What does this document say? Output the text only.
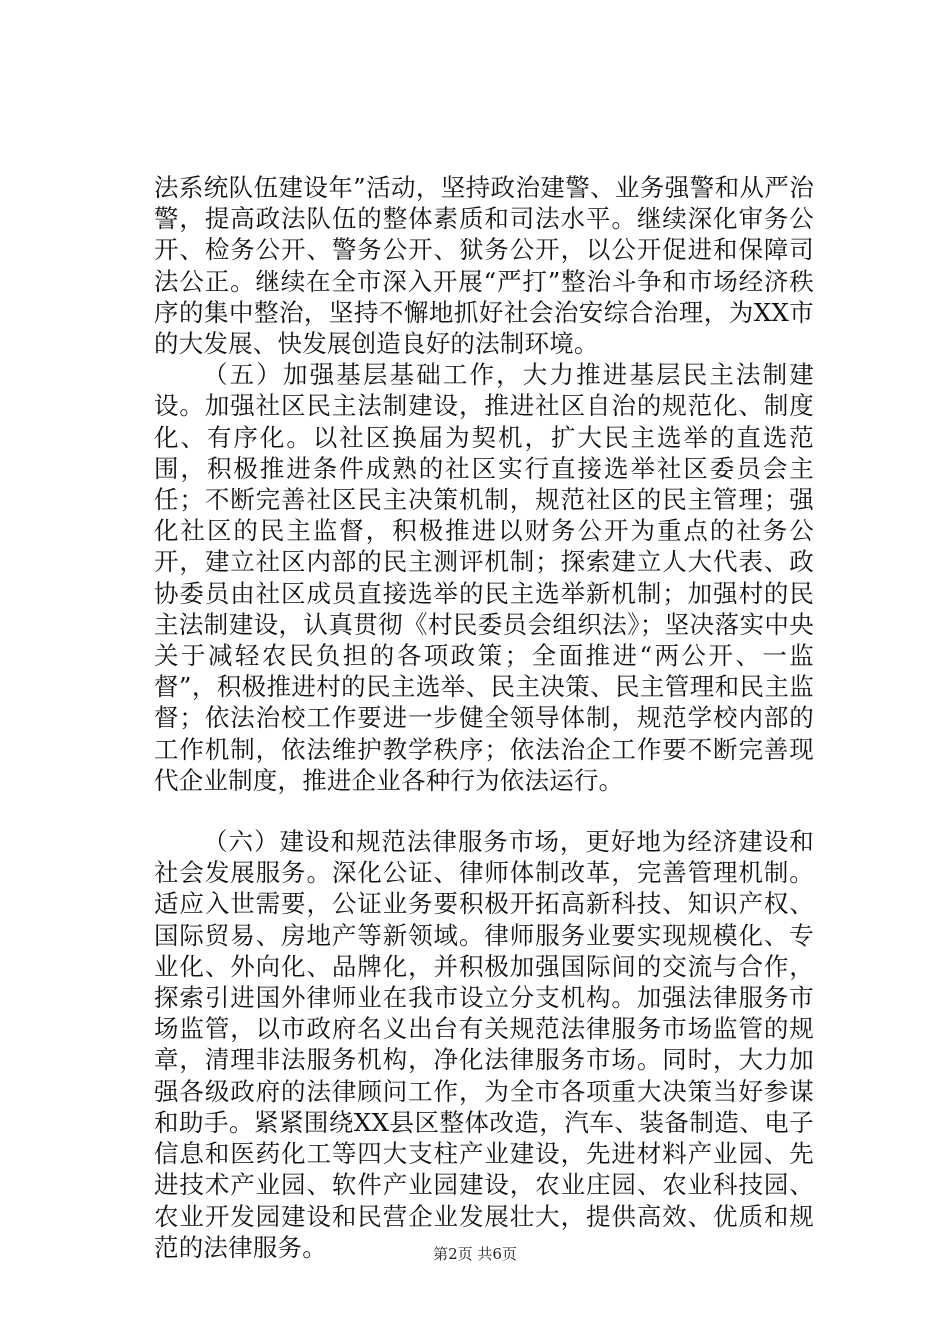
法系统队伍建设年”活动，坚持政治建警、业务强警和从严治警，提高政法队伍的整体素质和司法水平。继续深化审务公开、检务公开、警务公开、狱务公开，以公开促进和保障司法公正。继续在全市深入开展“严打”整治斗争和市场经济秩序的集中整治，坚持不懈地抓好社会治安综合治理，为XX市的大发展、快发展创造良好的法制环境。

（五）加强基层基础工作，大力推进基层民主法制建设。加强社区民主法制建设，推进社区自治的规范化、制度化、有序化。以社区换届为契机，扩大民主选举的直选范围，积极推进条件成熟的社区实行直接选举社区委员会主任；不断完善社区民主决策机制，规范社区的民主管理；强化社区的民主监督，积极推进以财务公开为重点的社务公开，建立社区内部的民主测评机制；探索建立人大代表、政协委员由社区成员直接选举的民主选举新机制；加强村的民主法制建设，认真贯彻《村民委员会组织法》；坚决落实中央关于减轻农民负担的各项政策；全面推进“两公开、一监督”，积极推进村的民主选举、民主决策、民主管理和民主监督；依法治校工作要进一步健全领导体制，规范学校内部的工作机制，依法维护教学秩序；依法治企工作要不断完善现代企业制度，推进企业各种行为依法运行。

（六）建设和规范法律服务市场，更好地为经济建设和社会发展服务。深化公证、律师体制改革，完善管理机制。适应入世需要，公证业务要积极开拓高新科技、知识产权、国际贸易、房地产等新领域。律师服务业要实现规模化、专业化、外向化、品牌化，并积极加强国际间的交流与合作，探索引进国外律师业在我市设立分支机构。加强法律服务市场监管，以市政府名义出台有关规范法律服务市场监管的规章，清理非法服务机构，净化法律服务市场。同时，大力加强各级政府的法律顾问工作，为全市各项重大决策当好参谋和助手。紧紧围绕XX县区整体改造，汽车、装备制造、电子信息和医药化工等四大支柱产业建设，先进材料产业园、先进技术产业园、软件产业园建设，农业庄园、农业科技园、农业开发园建设和民营企业发展壮大，提供高效、优质和规范的法律服务。	第2页 共6页
